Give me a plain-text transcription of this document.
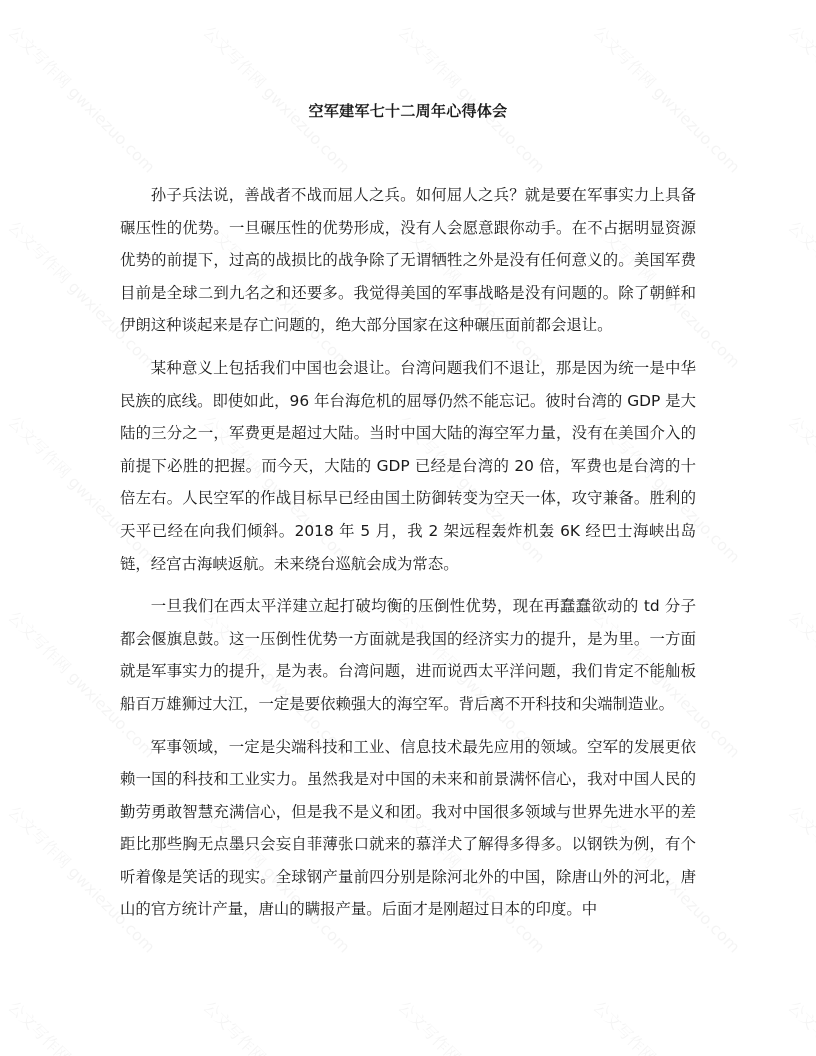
空军建军七十二周年心得体会

孙子兵法说，善战者不战而屈人之兵。如何屈人之兵？就是要在军事实力上具备碾压性的优势。一旦碾压性的优势形成，没有人会愿意跟你动手。在不占据明显资源优势的前提下，过高的战损比的战争除了无谓牺牲之外是没有任何意义的。美国军费目前是全球二到九名之和还要多。我觉得美国的军事战略是没有问题的。除了朝鲜和伊朗这种谈起来是存亡问题的，绝大部分国家在这种碾压面前都会退让。

某种意义上包括我们中国也会退让。台湾问题我们不退让，那是因为统一是中华民族的底线。即使如此，96 年台海危机的屈辱仍然不能忘记。彼时台湾的 GDP 是大陆的三分之一，军费更是超过大陆。当时中国大陆的海空军力量，没有在美国介入的前提下必胜的把握。而今天，大陆的 GDP 已经是台湾的 20 倍，军费也是台湾的十倍左右。人民空军的作战目标早已经由国土防御转变为空天一体，攻守兼备。胜利的天平已经在向我们倾斜。2018 年 5 月，我 2 架远程轰炸机轰 6K 经巴士海峡出岛链，经宫古海峡返航。未来绕台巡航会成为常态。

一旦我们在西太平洋建立起打破均衡的压倒性优势，现在再蠢蠢欲动的 td 分子都会偃旗息鼓。这一压倒性优势一方面就是我国的经济实力的提升，是为里。一方面就是军事实力的提升，是为表。台湾问题，进而说西太平洋问题，我们肯定不能舢板船百万雄狮过大江，一定是要依赖强大的海空军。背后离不开科技和尖端制造业。

军事领域，一定是尖端科技和工业、信息技术最先应用的领域。空军的发展更依赖一国的科技和工业实力。虽然我是对中国的未来和前景满怀信心，我对中国人民的勤劳勇敢智慧充满信心，但是我不是义和团。我对中国很多领域与世界先进水平的差距比那些胸无点墨只会妄自菲薄张口就来的慕洋犬了解得多得多。以钢铁为例，有个听着像是笑话的现实。全球钢产量前四分别是除河北外的中国，除唐山外的河北，唐山的官方统计产量，唐山的瞒报产量。后面才是刚超过日本的印度。中
